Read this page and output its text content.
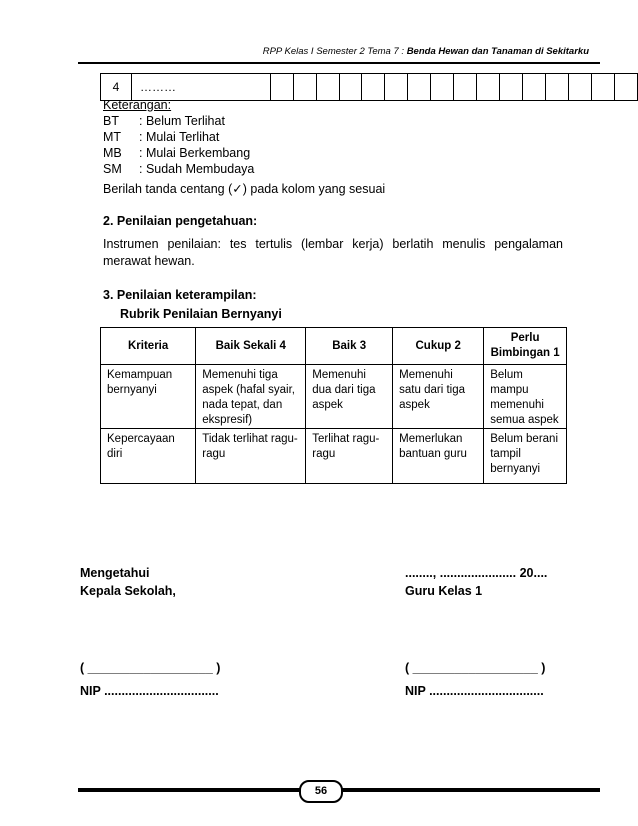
RPP Kelas I Semester 2 Tema 7 : Benda Hewan dan Tanaman di Sekitarku
4	………																
Keterangan:
BT	: Belum Terlihat
MT	: Mulai Terlihat
MB	: Mulai Berkembang
SM	: Sudah Membudaya
Berilah tanda centang (✓) pada kolom yang sesuai
2. Penilaian pengetahuan:
Instrumen penilaian: tes tertulis (lembar kerja) berlatih menulis pengalaman
merawat hewan.
3. Penilaian keterampilan:
Rubrik Penilaian Bernyanyi
Kriteria	Baik Sekali 4	Baik 3	Cukup 2	Perlu Bimbingan 1
Kemampuan bernyanyi	Memenuhi tiga aspek (hafal syair, nada tepat, dan ekspresif)	Memenuhi dua dari tiga aspek	Memenuhi satu dari tiga aspek	Belum mampu memenuhi semua aspek
Kepercayaan diri	Tidak terlihat ragu-ragu	Terlihat ragu-ragu	Memerlukan bantuan guru	Belum berani tampil bernyanyi
Mengetahui
Kepala Sekolah,
( __________________ )
NIP .................................
........, ...................... 20....
Guru Kelas 1
( __________________ )
NIP .................................
56
